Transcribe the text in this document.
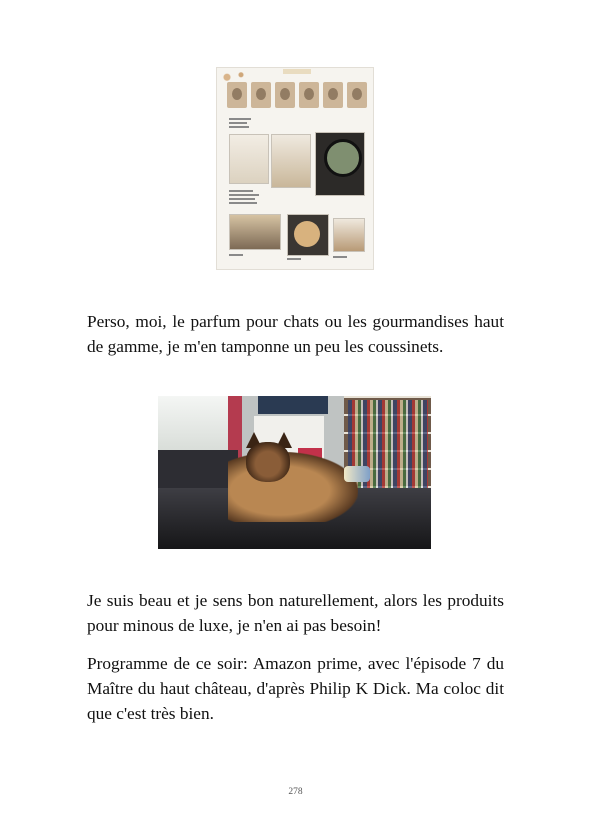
Perso, moi, le parfum pour chats ou les gourmandises haut de gamme, je m'en tamponne un peu les coussinets.

Je suis beau et je sens bon naturellement, alors les produits pour minous de luxe, je n'en ai pas besoin!

Programme de ce soir: Amazon prime, avec l'épisode 7 du Maître du haut château, d'après Philip K Dick. Ma coloc dit que c'est très bien.

278
